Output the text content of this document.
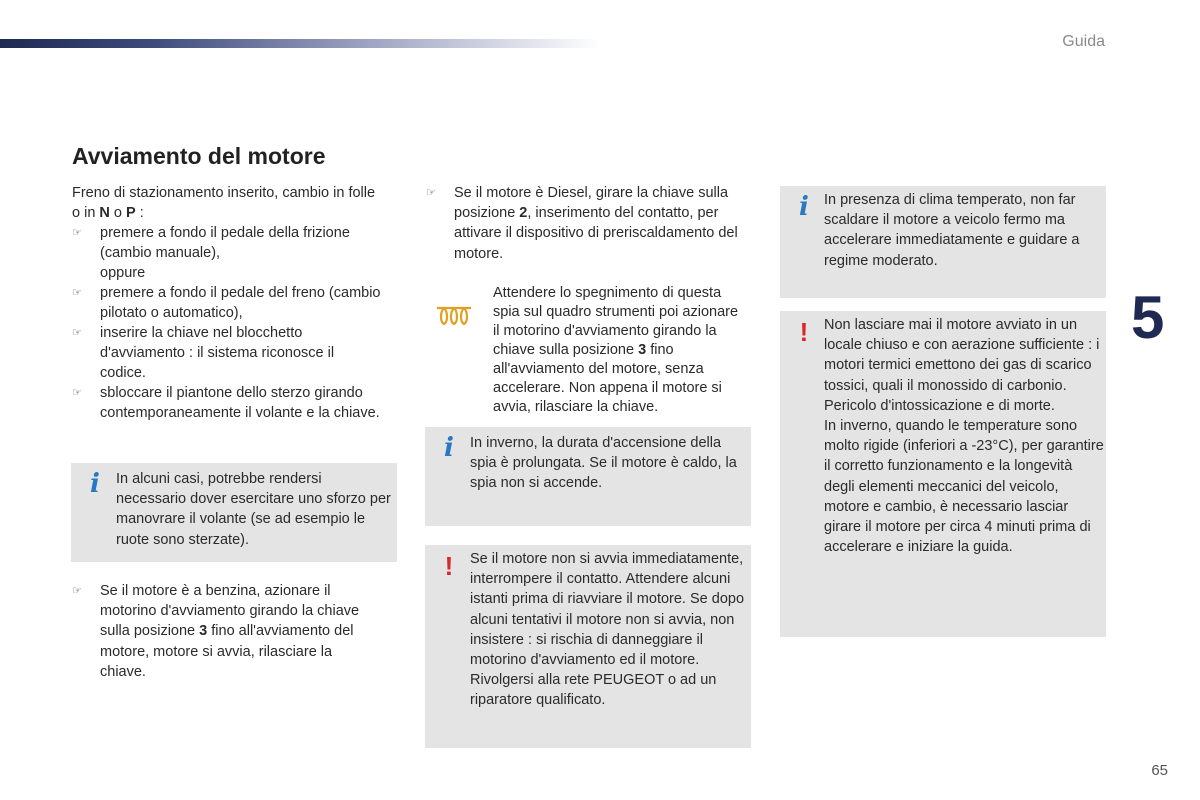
Guida
5
65
Avviamento del motore
Freno di stazionamento inserito, cambio in folle
o in N o P :
☞	premere a fondo il pedale della frizione (cambio manuale),
oppure
☞	premere a fondo il pedale del freno (cambio pilotato o automatico),
☞	inserire la chiave nel blocchetto d'avviamento : il sistema riconosce il codice.
☞	sbloccare il piantone dello sterzo girando contemporaneamente il volante e la chiave.
i	In alcuni casi, potrebbe rendersi necessario dover esercitare uno sforzo per manovrare il volante (se ad esempio le ruote sono sterzate).
☞	Se il motore è a benzina, azionare il motorino d'avviamento girando la chiave sulla posizione 3 fino all'avviamento del motore, motore si avvia, rilasciare la chiave.
☞	Se il motore è Diesel, girare la chiave sulla posizione 2, inserimento del contatto, per attivare il dispositivo di preriscaldamento del motore.
Attendere lo spegnimento di questa spia sul quadro strumenti poi azionare il motorino d'avviamento girando la chiave sulla posizione 3 fino all'avviamento del motore, senza accelerare. Non appena il motore si avvia, rilasciare la chiave.
i	In inverno, la durata d'accensione della spia è prolungata. Se il motore è caldo, la spia non si accende.
!	Se il motore non si avvia immediatamente, interrompere il contatto. Attendere alcuni istanti prima di riavviare il motore. Se dopo alcuni tentativi il motore non si avvia, non insistere : si rischia di danneggiare il motorino d'avviamento ed il motore. Rivolgersi alla rete PEUGEOT o ad un riparatore qualificato.
i	In presenza di clima temperato, non far scaldare il motore a veicolo fermo ma accelerare immediatamente e guidare a regime moderato.
!	Non lasciare mai il motore avviato in un locale chiuso e con aerazione sufficiente : i motori termici emettono dei gas di scarico tossici, quali il monossido di carbonio. Pericolo d'intossicazione e di morte.
In inverno, quando le temperature sono molto rigide (inferiori a -23°C), per garantire il corretto funzionamento e la longevità degli elementi meccanici del veicolo, motore e cambio, è necessario lasciar girare il motore per circa 4 minuti prima di accelerare e iniziare la guida.
